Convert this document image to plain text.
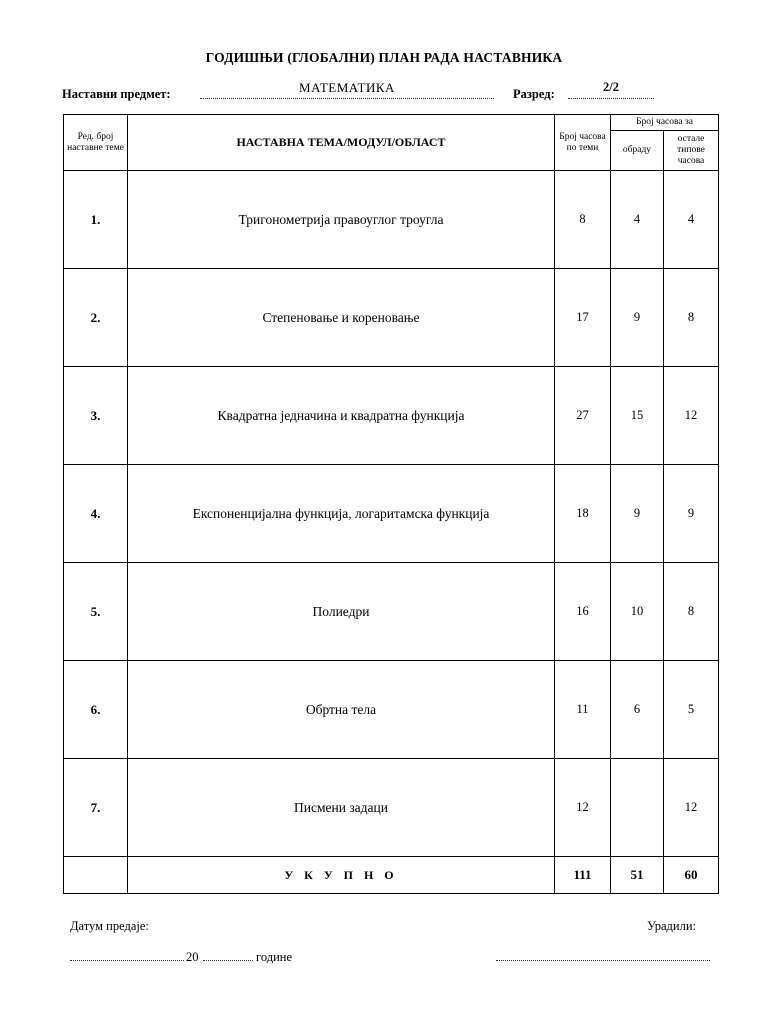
ГОДИШЊИ (ГЛОБАЛНИ) ПЛАН РАДА НАСТАВНИКА
Наставни предмет:	МАТЕМАТИКА	Разред:	2/2
Ред. број наставне теме	НАСТАВНА ТЕМА/МОДУЛ/ОБЛАСТ	Број часова по теми	Број часова за	
			обраду	остале типове часова
1.	Тригонометрија правоуглог троугла	8	4	4
2.	Степеновање и кореновање	17	9	8
3.	Квадратна једначина и квадратна функција	27	15	12
4.	Експоненцијална функција, логаритамска функција	18	9	9
5.	Полиедри	16	10	8
6.	Обртна тела	11	6	5
7.	Писмени задаци	12		12
	У К У П Н О	111	51	60
Датум предаје:	Урадили:
20	године
